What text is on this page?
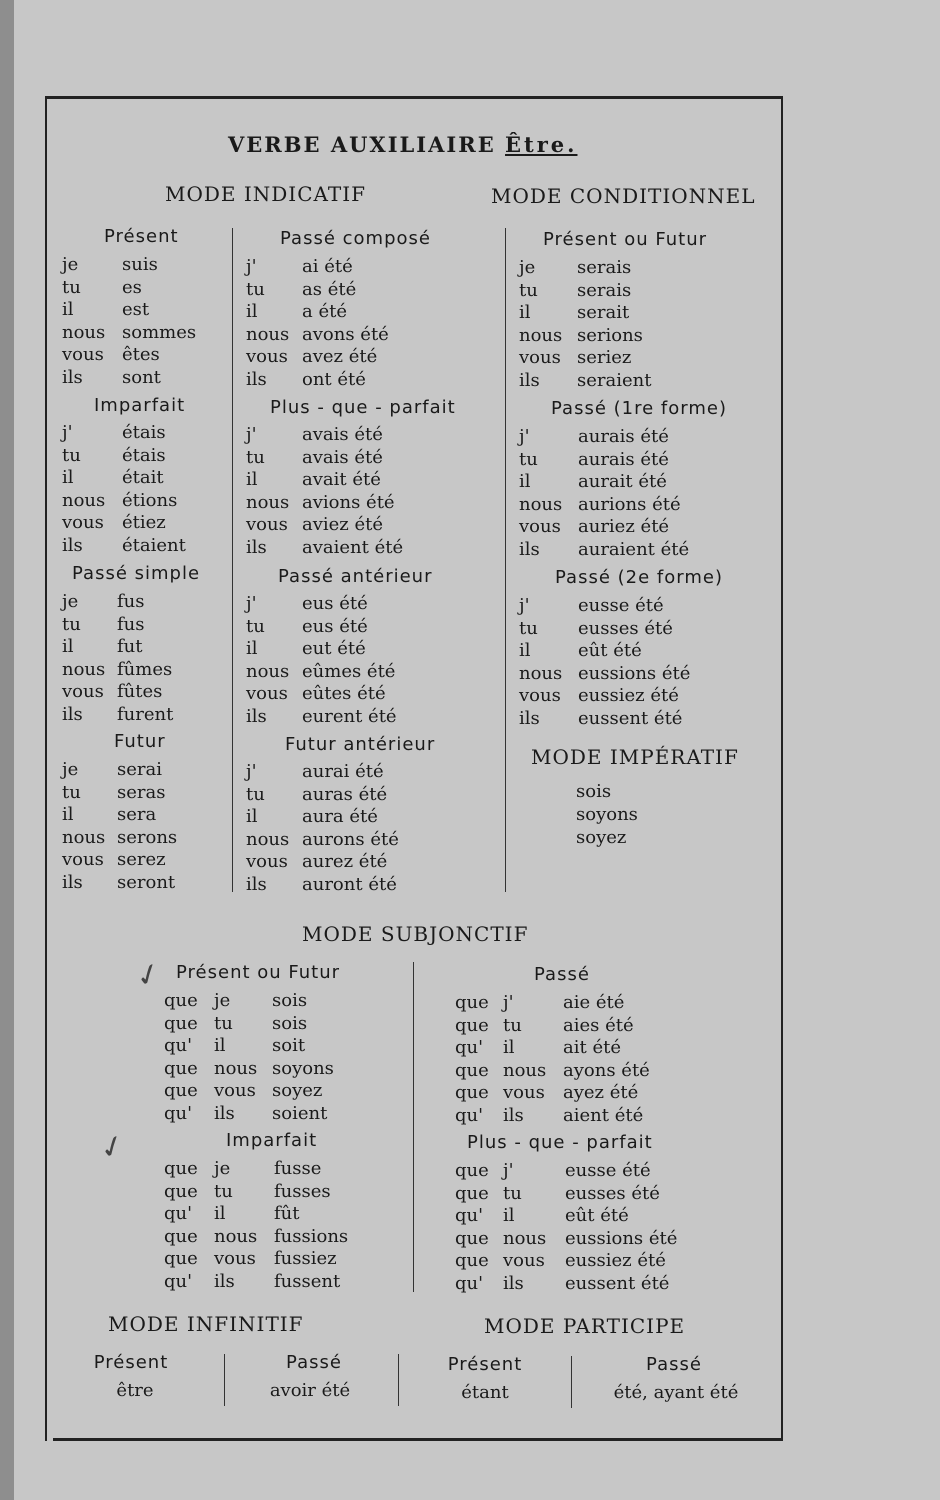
VERBE AUXILIAIRE Être.
MODE INDICATIF	MODE CONDITIONNEL
Présent
je suis
tu es
il	est
nous sommes
vous êtes
ils sont
Imparfait
j'	étais
tu étais
il	était
nous étions
vous étiez
ils étaient
Passé simple
je fus
tu fus
il fut
nous fûmes
vous fûtes
ils furent
Futur
je serai
tu seras
il sera
nous serons
vous serez
ils seront
Passé composé
j'	ai été
tu as été
il a été
nous avons été
vous avez été
ils ont été
Plus - que - parfait
j'	avais été
tu avais été
il avait été
nous avions été
vous aviez été
ils avaient été
Passé antérieur
j'	eus été
tu eus été
il eut été
nous eûmes été
vous eûtes été
ils eurent été
Futur antérieur
j'	aurai été
tu auras été
il aura été
nous aurons été
vous aurez été
ils auront été
Présent ou Futur
je serais
tu serais
il	serait
nous serions
vous seriez
ils seraient
Passé (1re forme)
j'	aurais été
tu aurais été
il	aurait été
nous aurions été
vous auriez été
ils auraient été
Passé (2e forme)
j'	eusse été
tu eusses été
il	eût été
nous eussions été
vous eussiez été
ils eussent été
MODE IMPÉRATIF
sois
soyons
soyez
MODE SUBJONCTIF
✓
✓
Présent ou Futur
que je sois
que tu sois
qu' il	soit
que nous soyons
que vous soyez
qu' ils soient
Imparfait
que je fusse
que tu fusses
qu' il	fût
que nous fussions
que vous fussiez
qu' ils fussent
Passé
que j'	aie été
que tu aies été
qu' il	ait été
que nous ayons été
que vous ayez été
qu' ils aient été
Plus - que - parfait
que j'	eusse été
que tu eusses été
qu' il	eût été
que nous eussions été
que vous eussiez été
qu' ils eussent été
MODE INFINITIF	MODE PARTICIPE
Présent
être
Passé
avoir été
Présent
étant
Passé
été, ayant été
